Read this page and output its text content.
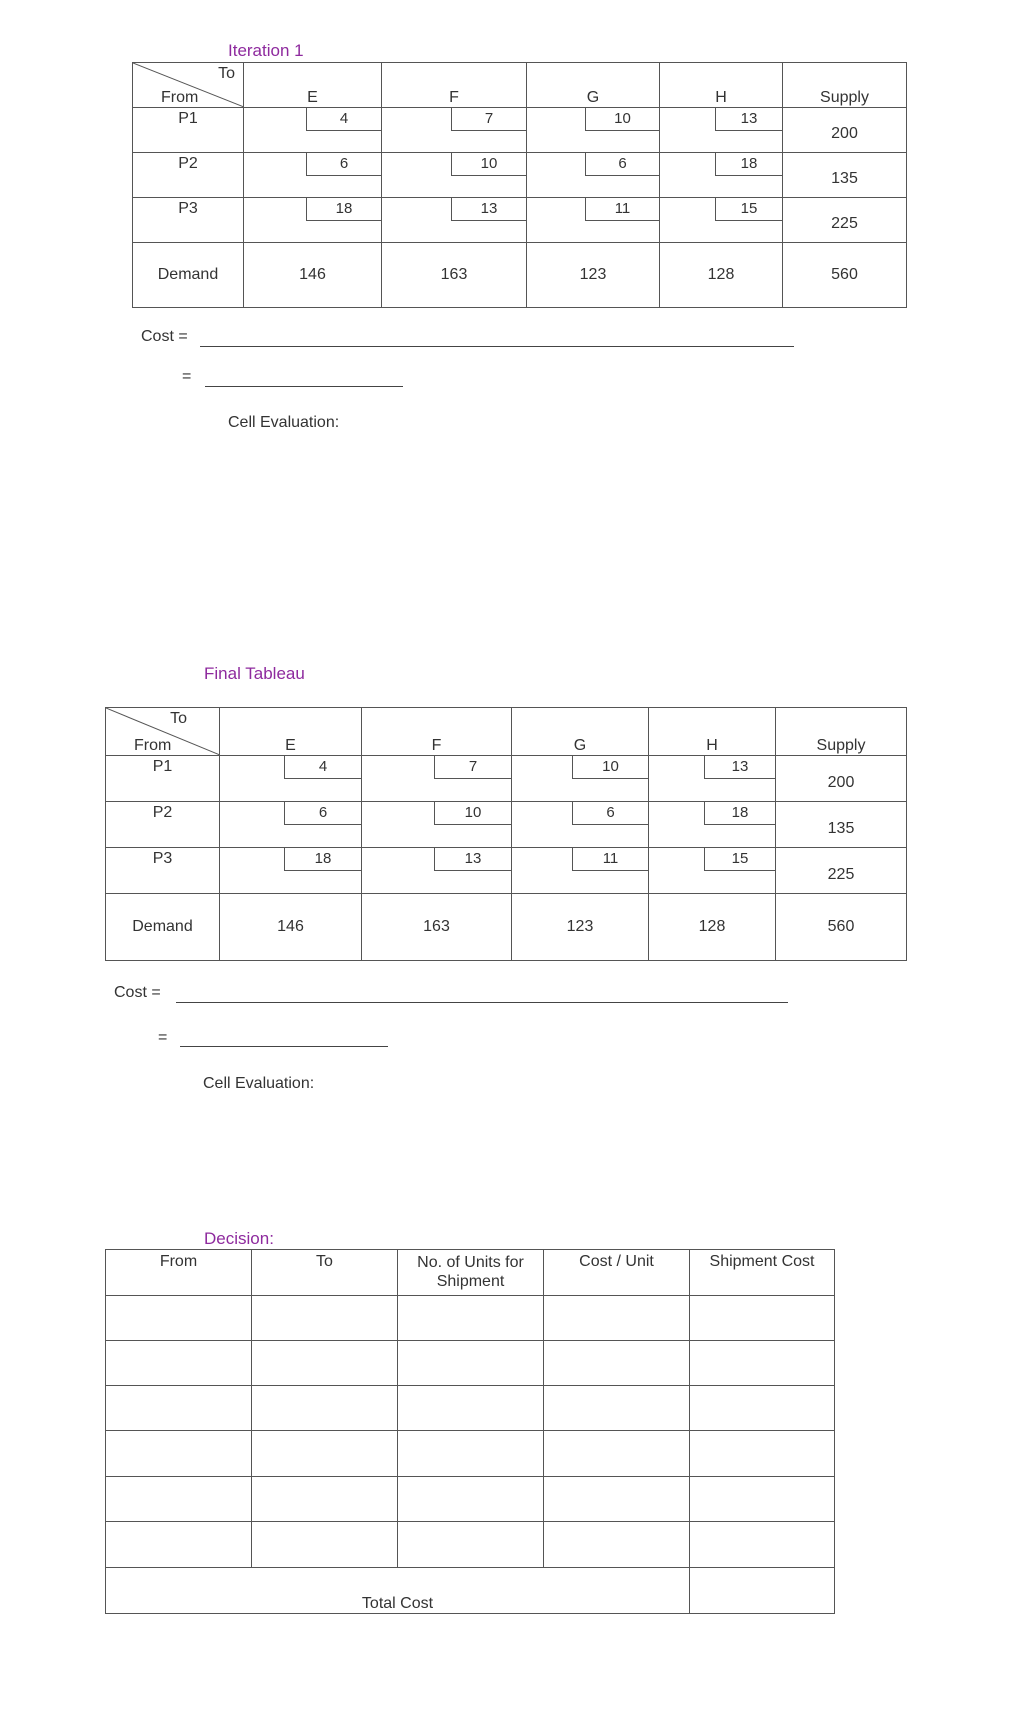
Iteration 1
To
From	E	F	G	H	Supply
P1	4	7	10	13	200
P2	6	10	6	18	135
P3	18	13	11	15	225
Demand	146	163	123	128	560
Cost =
=
Cell Evaluation:
Final Tableau
To
From	E	F	G	H	Supply
P1	4	7	10	13	200
P2	6	10	6	18	135
P3	18	13	11	15	225
Demand	146	163	123	128	560
Cost =
=
Cell Evaluation:
Decision:
From	To	No. of Units for Shipment	Cost / Unit	Shipment Cost

Total Cost				
